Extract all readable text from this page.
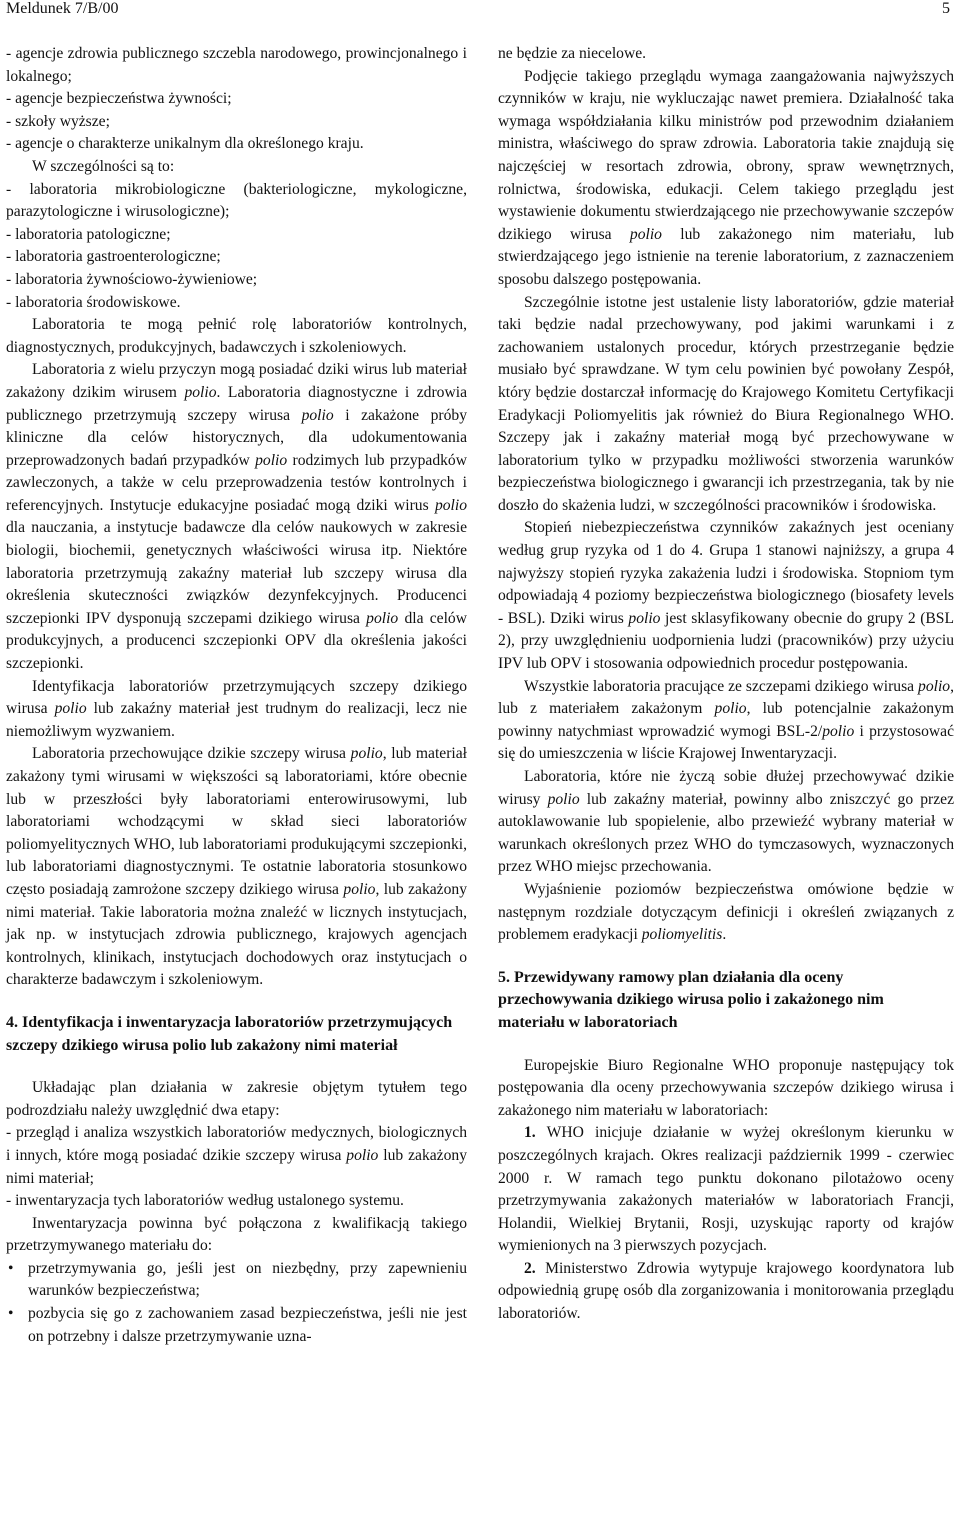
Meldunek 7/B/00	5

- agencje zdrowia publicznego szczebla narodowego, prowincjonalnego i lokalnego;

- agencje bezpieczeństwa żywności;

- szkoły wyższe;

- agencje o charakterze unikalnym dla określonego kraju.

W szczególności są to:

- laboratoria mikrobiologiczne (bakteriologiczne, mykologiczne, parazytologiczne i wirusologiczne);

- laboratoria patologiczne;

- laboratoria gastroenterologiczne;

- laboratoria żywnościowo-żywieniowe;

- laboratoria środowiskowe.

Laboratoria te mogą pełnić rolę laboratoriów kontrolnych, diagnostycznych, produkcyjnych, badawczych i szkoleniowych.

Laboratoria z wielu przyczyn mogą posiadać dziki wirus lub materiał zakażony dzikim wirusem polio. Laboratoria diagnostyczne i zdrowia publicznego przetrzymują szczepy wirusa polio i zakażone próby kliniczne dla celów historycznych, dla udokumentowania przeprowadzonych badań przypadków polio rodzimych lub przypadków zawleczonych, a także w celu przeprowadzenia testów kontrolnych i referencyjnych. Instytucje edukacyjne posiadać mogą dziki wirus polio dla nauczania, a instytucje badawcze dla celów naukowych w zakresie biologii, biochemii, genetycznych właściwości wirusa itp. Niektóre laboratoria przetrzymują zakaźny materiał lub szczepy wirusa dla określenia skuteczności związków dezynfekcyjnych. Producenci szczepionki IPV dysponują szczepami dzikiego wirusa polio dla celów produkcyjnych, a producenci szczepionki OPV dla określenia jakości szczepionki.

Identyfikacja laboratoriów przetrzymujących szczepy dzikiego wirusa polio lub zakaźny materiał jest trudnym do realizacji, lecz nie niemożliwym wyzwaniem.

Laboratoria przechowujące dzikie szczepy wirusa polio, lub materiał zakażony tymi wirusami w większości są laboratoriami, które obecnie lub w przeszłości były laboratoriami enterowirusowymi, lub laboratoriami wchodzącymi w skład sieci laboratoriów poliomyelitycznych WHO, lub laboratoriami produkującymi szczepionki, lub laboratoriami diagnostycznymi. Te ostatnie laboratoria stosunkowo często posiadają zamrożone szczepy dzikiego wirusa polio, lub zakażony nimi materiał. Takie laboratoria można znaleźć w licznych instytucjach, jak np. w instytucjach zdrowia publicznego, krajowych agencjach kontrolnych, klinikach, instytucjach dochodowych oraz instytucjach o charakterze badawczym i szkoleniowym.

4. Identyfikacja i inwentaryzacja laboratoriów przetrzymujących szczepy dzikiego wirusa polio lub zakażony nimi materiał

Układając plan działania w zakresie objętym tytułem tego podrozdziału należy uwzględnić dwa etapy:

- przegląd i analiza wszystkich laboratoriów medycznych, biologicznych i innych, które mogą posiadać dzikie szczepy wirusa polio lub zakażony nimi materiał;

- inwentaryzacja tych laboratoriów według ustalonego systemu.

Inwentaryzacja powinna być połączona z kwalifikacją takiego przetrzymywanego materiału do:

• przetrzymywania go, jeśli jest on niezbędny, przy zapewnieniu warunków bezpieczeństwa;

• pozbycia się go z zachowaniem zasad bezpieczeństwa, jeśli nie jest on potrzebny i dalsze przetrzymywanie uzna-

ne będzie za niecelowe.

Podjęcie takiego przeglądu wymaga zaangażowania najwyższych czynników w kraju, nie wykluczając nawet premiera. Działalność taka wymaga współdziałania kilku ministrów pod przewodnim działaniem ministra, właściwego do spraw zdrowia. Laboratoria takie znajdują się najczęściej w resortach zdrowia, obrony, spraw wewnętrznych, rolnictwa, środowiska, edukacji. Celem takiego przeglądu jest wystawienie dokumentu stwierdzającego nie przechowywanie szczepów dzikiego wirusa polio lub zakażonego nim materiału, lub stwierdzającego jego istnienie na terenie laboratorium, z zaznaczeniem sposobu dalszego postępowania.

Szczególnie istotne jest ustalenie listy laboratoriów, gdzie materiał taki będzie nadal przechowywany, pod jakimi warunkami i z zachowaniem ustalonych procedur, których przestrzeganie będzie musiało być sprawdzane. W tym celu powinien być powołany Zespół, który będzie dostarczał informację do Krajowego Komitetu Certyfikacji Eradykacji Poliomyelitis jak również do Biura Regionalnego WHO. Szczepy jak i zakaźny materiał mogą być przechowywane w laboratorium tylko w przypadku możliwości stworzenia warunków bezpieczeństwa biologicznego i gwarancji ich przestrzegania, tak by nie doszło do skażenia ludzi, w szczególności pracowników i środowiska.

Stopień niebezpieczeństwa czynników zakaźnych jest oceniany według grup ryzyka od 1 do 4. Grupa 1 stanowi najniższy, a grupa 4 najwyższy stopień ryzyka zakażenia ludzi i środowiska. Stopniom tym odpowiadają 4 poziomy bezpieczeństwa biologicznego (biosafety levels - BSL). Dziki wirus polio jest sklasyfikowany obecnie do grupy 2 (BSL 2), przy uwzględnieniu uodpornienia ludzi (pracowników) przy użyciu IPV lub OPV i stosowania odpowiednich procedur postępowania.

Wszystkie laboratoria pracujące ze szczepami dzikiego wirusa polio, lub z materiałem zakażonym polio, lub potencjalnie zakażonym powinny natychmiast wprowadzić wymogi BSL-2/polio i przystosować się do umieszczenia w liście Krajowej Inwentaryzacji.

Laboratoria, które nie życzą sobie dłużej przechowywać dzikie wirusy polio lub zakaźny materiał, powinny albo zniszczyć go przez autoklawowanie lub spopielenie, albo przewieźć wybrany materiał w warunkach określonych przez WHO do tymczasowych, wyznaczonych przez WHO miejsc przechowania.

Wyjaśnienie poziomów bezpieczeństwa omówione będzie w następnym rozdziale dotyczącym definicji i określeń związanych z problemem eradykacji poliomyelitis.

5. Przewidywany ramowy plan działania dla oceny przechowywania dzikiego wirusa polio i zakażonego nim materiału w laboratoriach

Europejskie Biuro Regionalne WHO proponuje następujący tok postępowania dla oceny przechowywania szczepów dzikiego wirusa i zakażonego nim materiału w laboratoriach:

1. WHO inicjuje działanie w wyżej określonym kierunku w poszczególnych krajach. Okres realizacji październik 1999 - czerwiec 2000 r. W ramach tego punktu dokonano pilotażowo oceny przetrzymywania zakażonych materiałów w laboratoriach Francji, Holandii, Wielkiej Brytanii, Rosji, uzyskując raporty od krajów wymienionych na 3 pierwszych pozycjach.

2. Ministerstwo Zdrowia wytypuje krajowego koordynatora lub odpowiednią grupę osób dla zorganizowania i monitorowania przeglądu laboratoriów.
